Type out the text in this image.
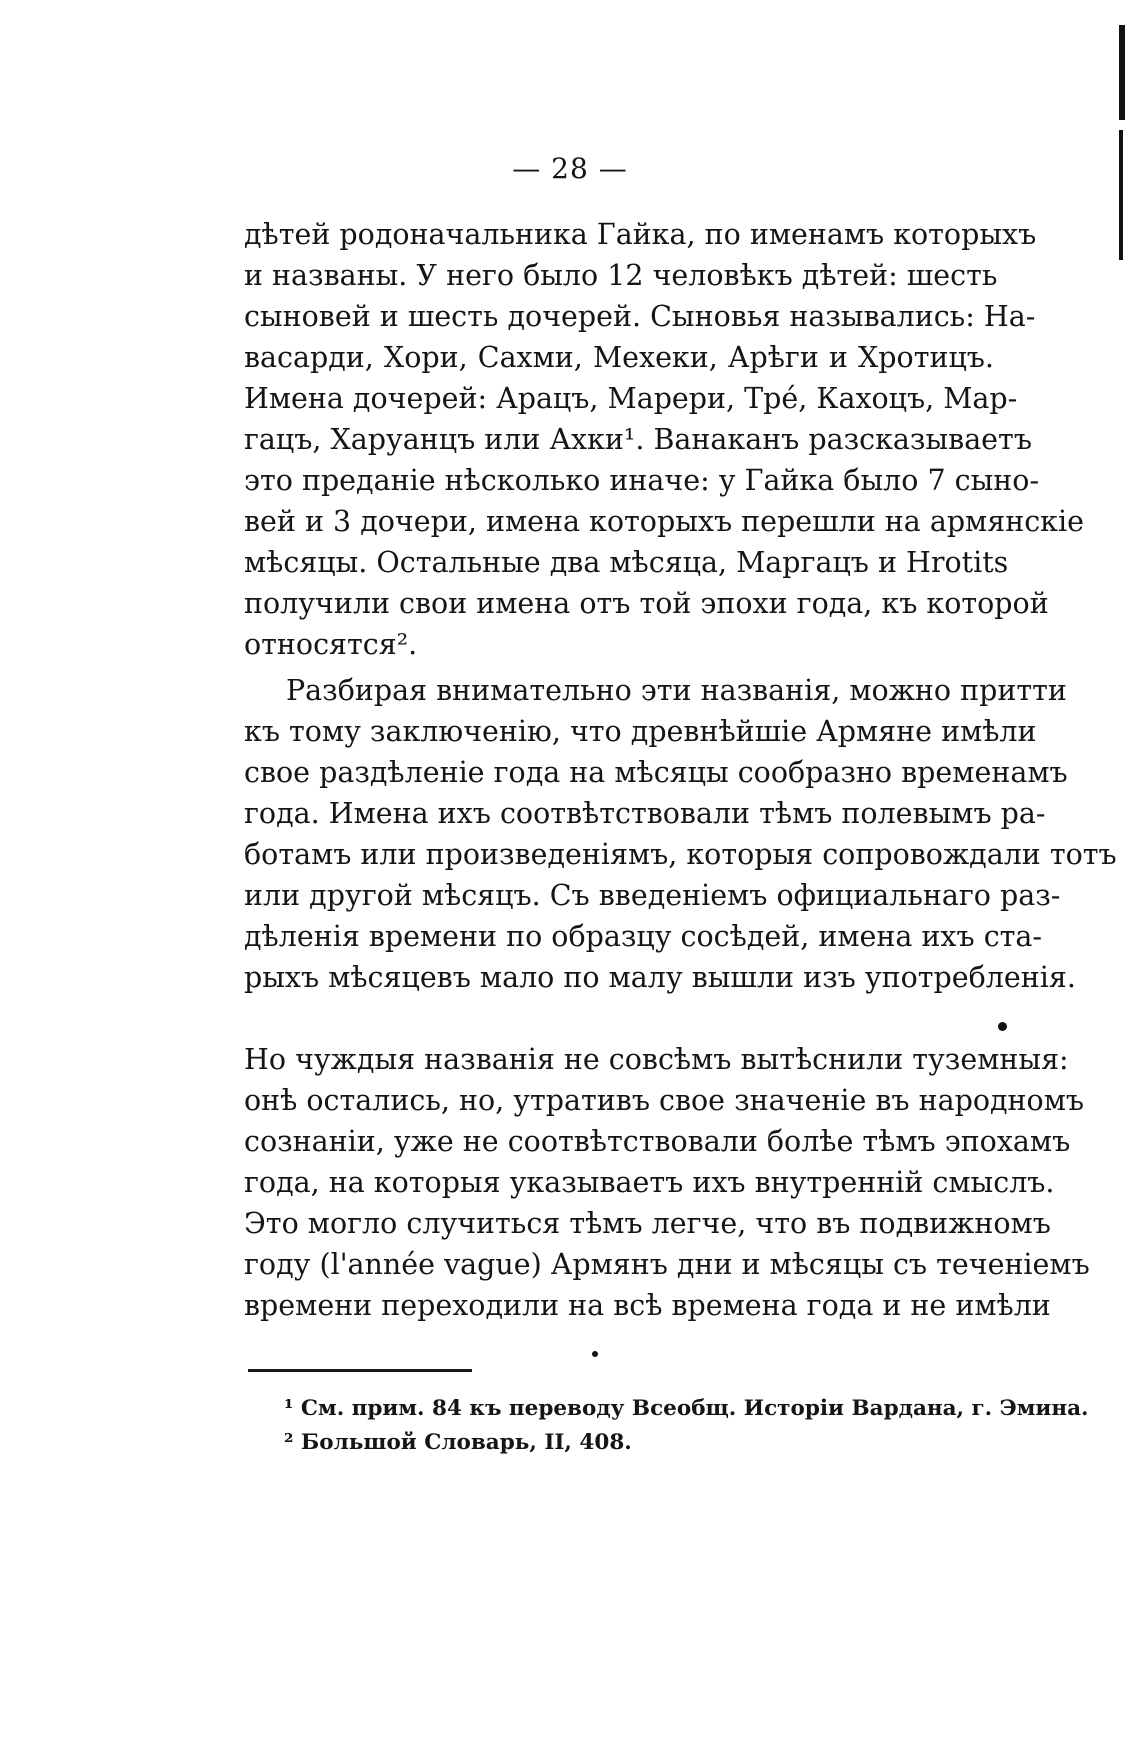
— 28 —
дѣтей родоначальника Гайка, по именамъ которыхъ
и названы. У него было 12 человѣкъ дѣтей: шесть
сыновей и шесть дочерей. Сыновья назывались: На-
васарди, Хори, Сахми, Мехеки, Арѣги и Хротицъ.
Имена дочерей: Арацъ, Марери, Трé, Кахоцъ, Мар-
гацъ, Харуанцъ или Ахки¹. Ванаканъ разсказываетъ
это преданіе нѣсколько иначе: у Гайка было 7 сыно-
вей и 3 дочери, имена которыхъ перешли на армянскіе
мѣсяцы. Остальные два мѣсяца, Маргацъ и Hrotits
получили свои имена отъ той эпохи года, къ которой
относятся².
Разбирая внимательно эти названія, можно притти
къ тому заключенію, что древнѣйшіе Армяне имѣли
свое раздѣленіе года на мѣсяцы сообразно временамъ
года. Имена ихъ соотвѣтствовали тѣмъ полевымъ ра-
ботамъ или произведеніямъ, которыя сопровождали тотъ
или другой мѣсяцъ. Съ введеніемъ официальнаго раз-
дѣленія времени по образцу сосѣдей, имена ихъ ста-
рыхъ мѣсяцевъ мало по малу вышли изъ употребленія.
Но чуждыя названія не совсѣмъ вытѣснили туземныя:
онѣ остались, но, утративъ свое значеніе въ народномъ
сознаніи, уже не соотвѣтствовали болѣе тѣмъ эпохамъ
года, на которыя указываетъ ихъ внутренній смыслъ.
Это могло случиться тѣмъ легче, что въ подвижномъ
году (l'année vague) Армянъ дни и мѣсяцы съ теченіемъ
времени переходили на всѣ времена года и не имѣли
¹ См. прим. 84 къ переводу Всеобщ. Исторіи Вардана, г. Эмина.
² Большой Словарь, II, 408.
